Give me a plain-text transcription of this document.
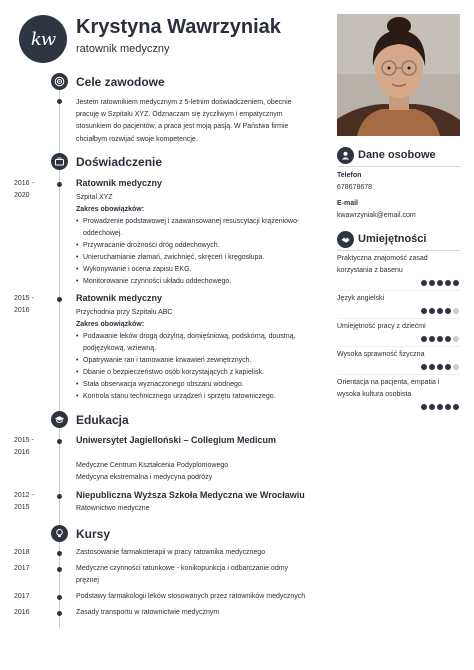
kw
Krystyna Wawrzyniak
ratownik medyczny
Cele zawodowe
Jestem ratownikiem medycznym z 5-letnim doświadczeniem, obecnie pracuję w Szpitalu XYZ. Odznaczam się życzliwym i empatycznym stosunkiem do pacjentów, a praca jest moją pasją. W Państwa firmie chciałbym rozwijać swoje kompetencje.
Doświadczenie
2016 -
2020
Ratownik medyczny
Szpital XYZ
Zakres obowiązków:
Prowadzenie podstawowej i zaawansowanej resuscytacji krążeniowo-
oddechowej.
Przywracanie drożności dróg oddechowych.
Unieruchamianie złamań, zwichnięć, skręceń i kręgosłupa.
Wykonywanie i ocena zapisu EKG.
Monitorowanie czynności układu oddechowego.
2015 -
2016
Ratownik medyczny
Przychodnia przy Szpitalu ABC
Zakres obowiązków:
Podawanie leków drogą dożylną, domięśniową, podskórną, doustną,
podjęzykową, wziewną.
Opatrywanie ran i tamowanie krwawień zewnętrznych.
Dbanie o bezpieczeństwo osób korzystających z kapielisk.
Stała obserwacja wyznaczonego obszaru wodnego.
Kontrola stanu technicznego urządzeń i sprzętu ratowniczego.
Edukacja
2015 -
2016
Uniwersytet Jagielloński – Collegium Medicum
Medyczne Centrum Kształcenia Podyplomowego
Medycyna ekstremalna i medycyna podróży
2012 -
2015
Niepubliczna Wyższa Szkoła Medyczna we Wrocławiu
Ratownictwo medyczne
Kursy
2018	Zastosowanie farmakoterapii w pracy ratownika medycznego
2017	Medyczne czynności ratunkowe - konikopunkcja i odbarczanie odmy
prężnej
2017	Podstawy farmakologii leków stosowanych przez ratowników medycznych
2016	Zasady transportu w ratownictwie medycznym
Dane osobowe
Telefon
678678678
E-mail
kwawrzyniak@email.com
Umiejętności
Praktyczna znajomość zasad
korzystania z basenu
Język angielski
Umiejętność pracy z dziećmi
Wysoka sprawność fizyczna
Orientacja na pacjenta, empatia i
wysoka kultura osobista
